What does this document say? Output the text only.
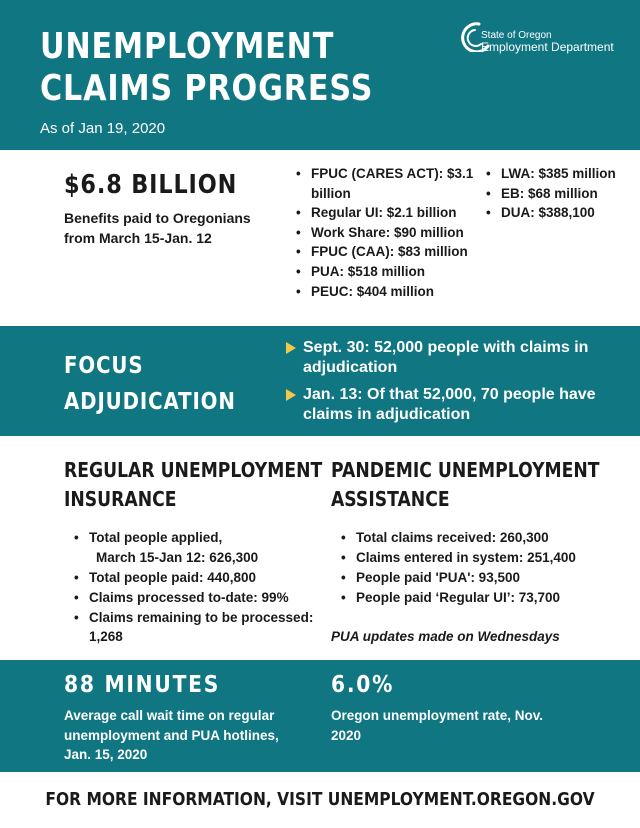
UNEMPLOYMENT
CLAIMS PROGRESS
As of Jan 19, 2020
State of Oregon
Employment Department
$6.8 BILLION
Benefits paid to Oregonians from March 15-Jan. 12
• FPUC (CARES ACT): $3.1 billion
• Regular UI: $2.1 billion
• Work Share: $90 million
• FPUC (CAA): $83 million
• PUA: $518 million
• PEUC: $404 million
• LWA: $385 million
• EB: $68 million
• DUA: $388,100
FOCUS
ADJUDICATION
Sept. 30: 52,000 people with claims in adjudication
Jan. 13: Of that 52,000, 70 people have claims in adjudication
REGULAR UNEMPLOYMENT
INSURANCE
• Total people applied,
March 15-Jan 12: 626,300
• Total people paid: 440,800
• Claims processed to-date: 99%
• Claims remaining to be processed: 1,268
PANDEMIC UNEMPLOYMENT
ASSISTANCE
• Total claims received: 260,300
• Claims entered in system: 251,400
• People paid 'PUA': 93,500
• People paid ‘Regular UI’: 73,700
PUA updates made on Wednesdays
88 MINUTES
Average call wait time on regular unemployment and PUA hotlines, Jan. 15, 2020
6.0%
Oregon unemployment rate, Nov. 2020
FOR MORE INFORMATION, VISIT UNEMPLOYMENT.OREGON.GOV
